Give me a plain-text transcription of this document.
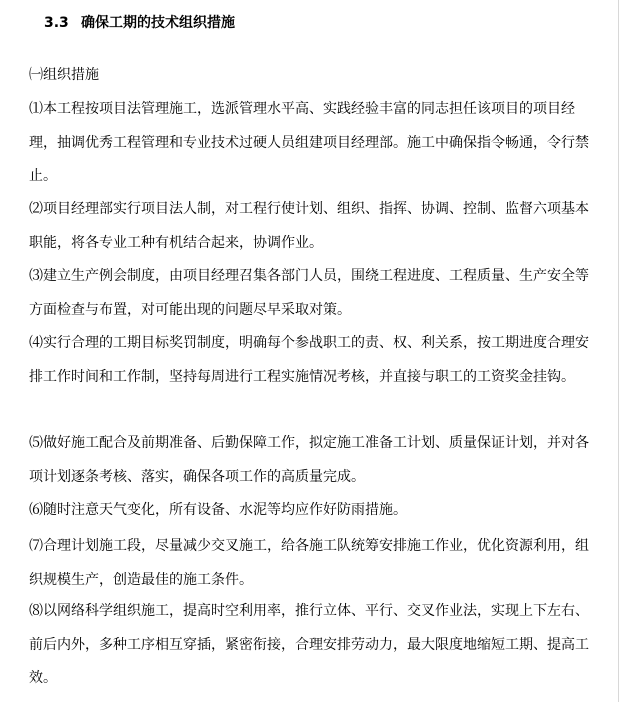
3.3 确保工期的技术组织措施
㈠组织措施

⑴本工程按项目法管理施工，选派管理水平高、实践经验丰富的同志担任该项目的项目经理，抽调优秀工程管理和专业技术过硬人员组建项目经理部。施工中确保指令畅通，令行禁止。

⑵项目经理部实行项目法人制，对工程行使计划、组织、指挥、协调、控制、监督六项基本职能，将各专业工种有机结合起来，协调作业。

⑶建立生产例会制度，由项目经理召集各部门人员，围绕工程进度、工程质量、生产安全等方面检查与布置，对可能出现的问题尽早采取对策。

⑷实行合理的工期目标奖罚制度，明确每个参战职工的责、权、利关系，按工期进度合理安排工作时间和工作制，坚持每周进行工程实施情况考核，并直接与职工的工资奖金挂钩。

⑸做好施工配合及前期准备、后勤保障工作，拟定施工准备工计划、质量保证计划，并对各项计划逐条考核、落实，确保各项工作的高质量完成。

⑹随时注意天气变化，所有设备、水泥等均应作好防雨措施。

⑺合理计划施工段，尽量减少交叉施工，给各施工队统筹安排施工作业，优化资源利用，组织规模生产，创造最佳的施工条件。

⑻以网络科学组织施工，提高时空利用率，推行立体、平行、交叉作业法，实现上下左右、前后内外，多种工序相互穿插，紧密衔接，合理安排劳动力，最大限度地缩短工期、提高工效。
